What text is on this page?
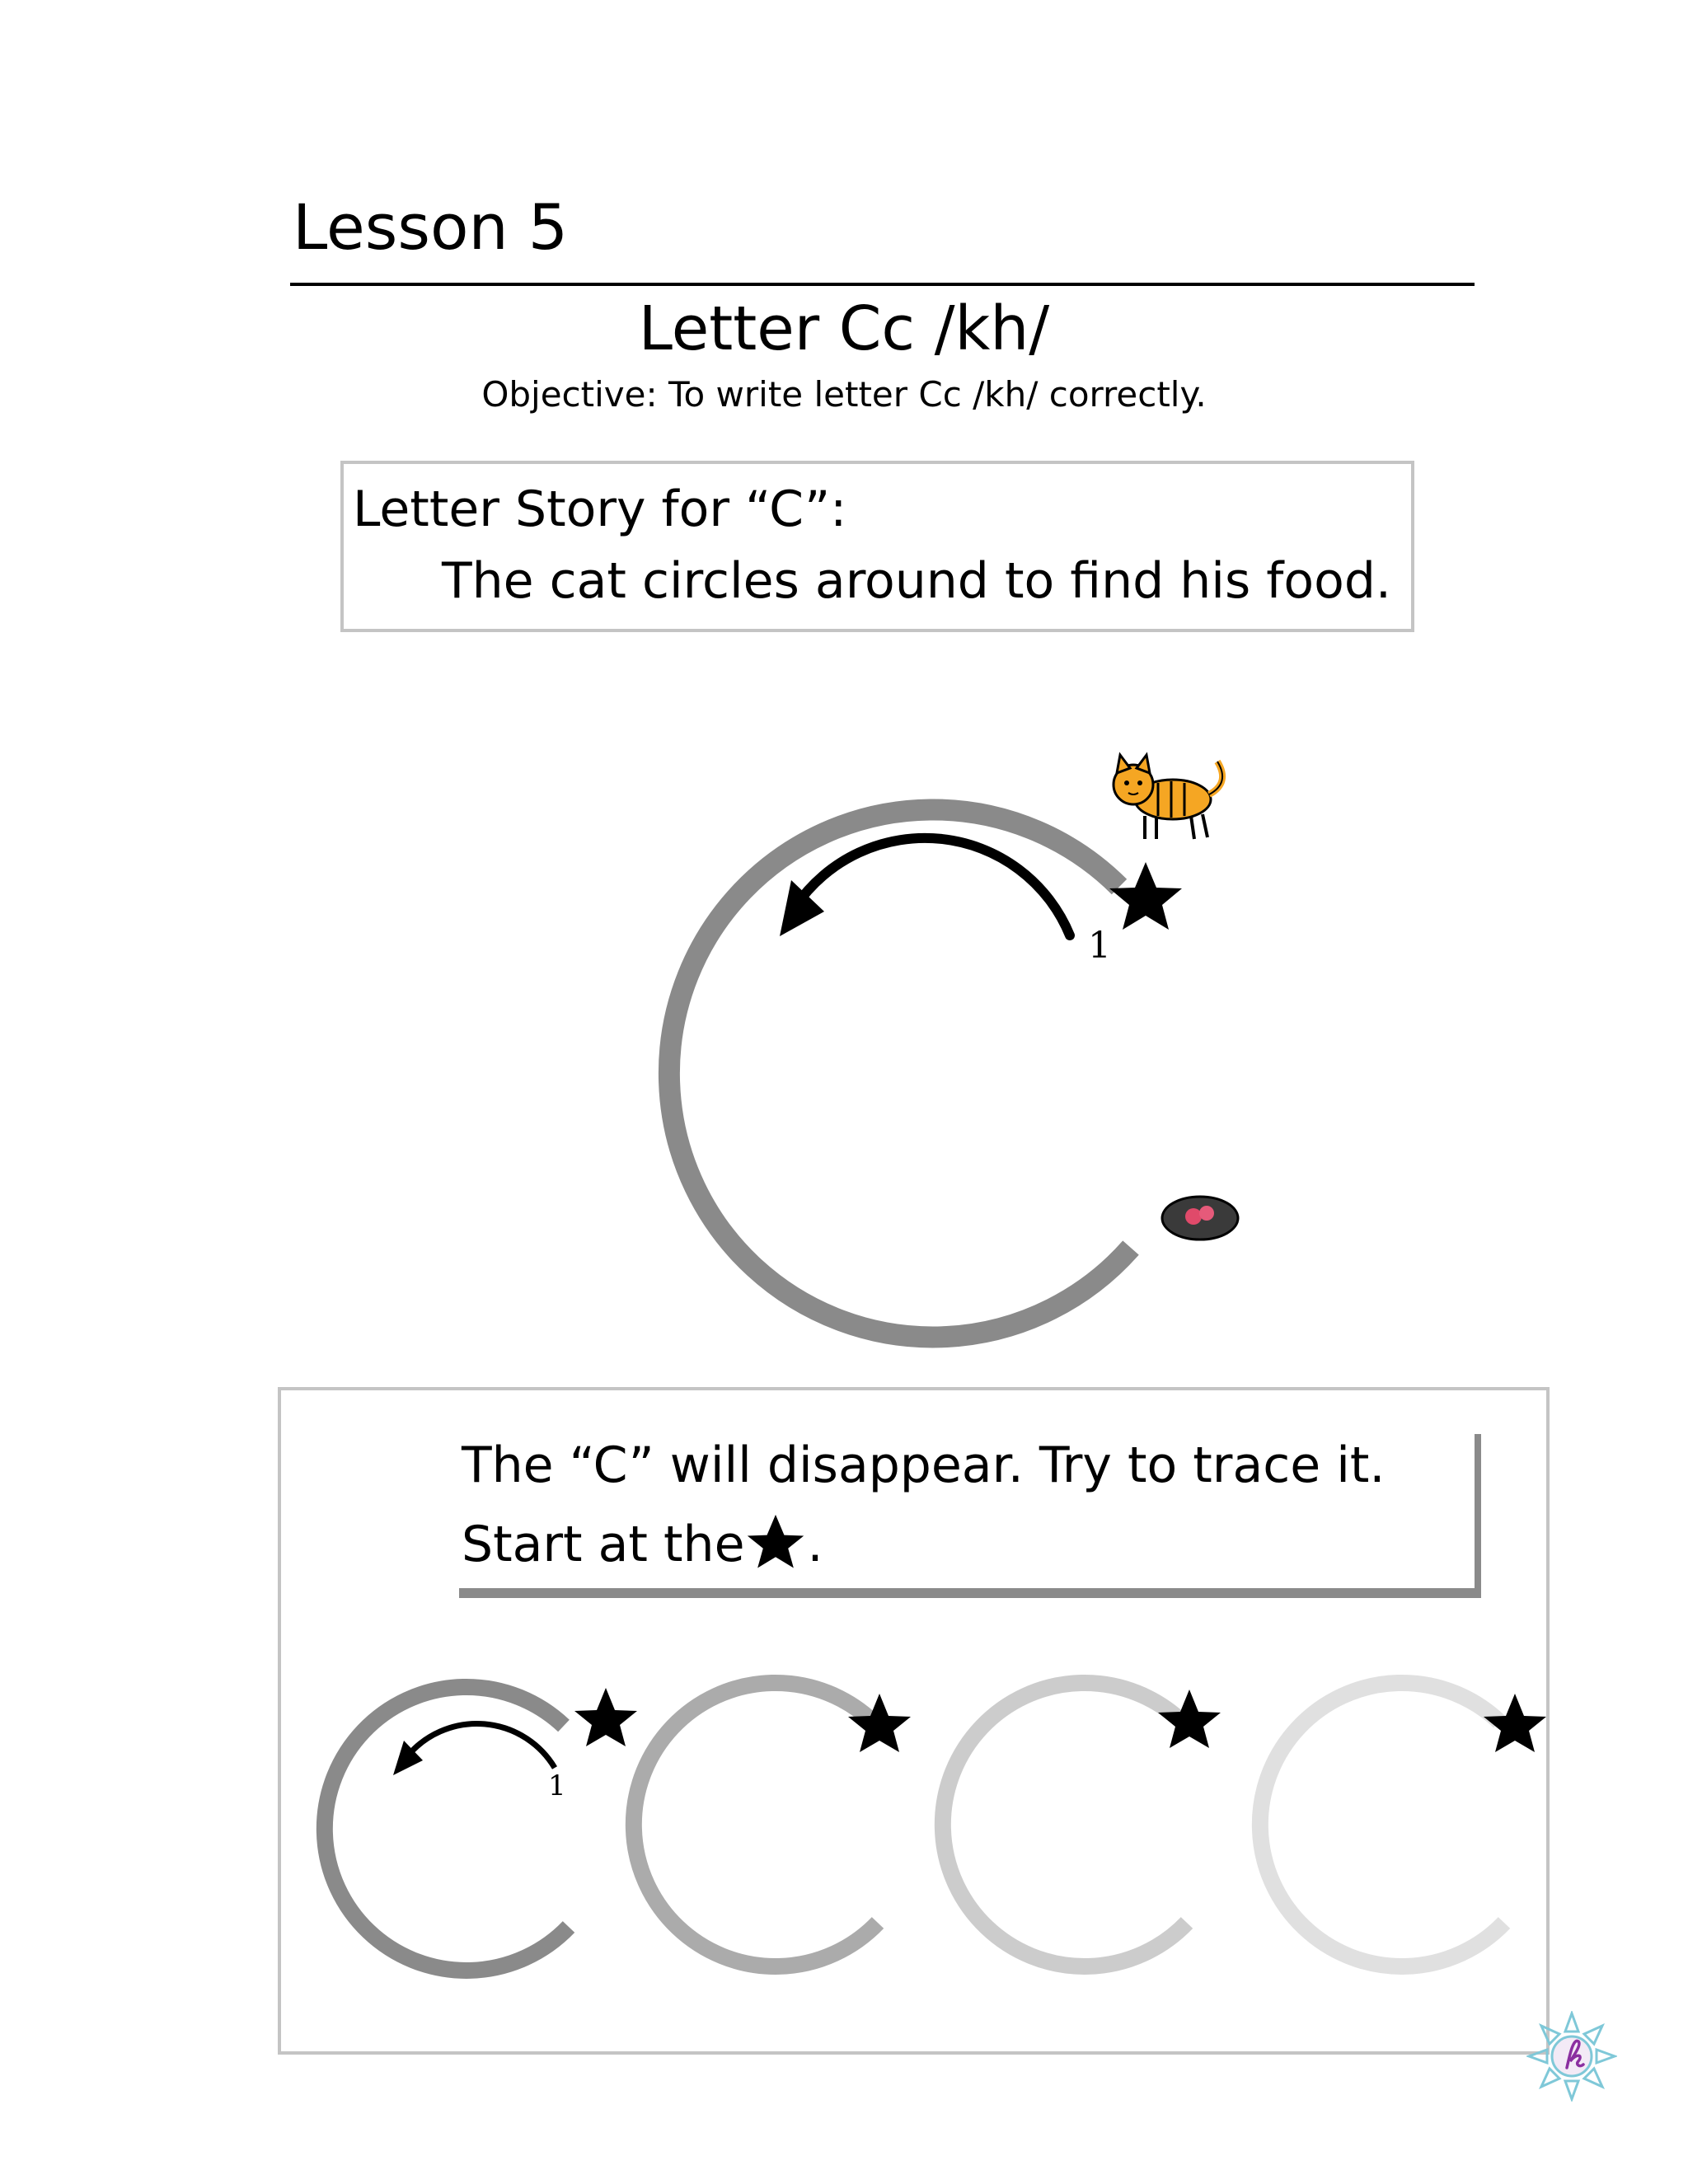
Lesson 5
Letter Cc /kh/
Objective: To write letter Cc /kh/ correctly.
Letter Story for “C”:
The cat circles around to find his food.
1
The “C” will disappear. Try to trace it.
Start at the .
1
